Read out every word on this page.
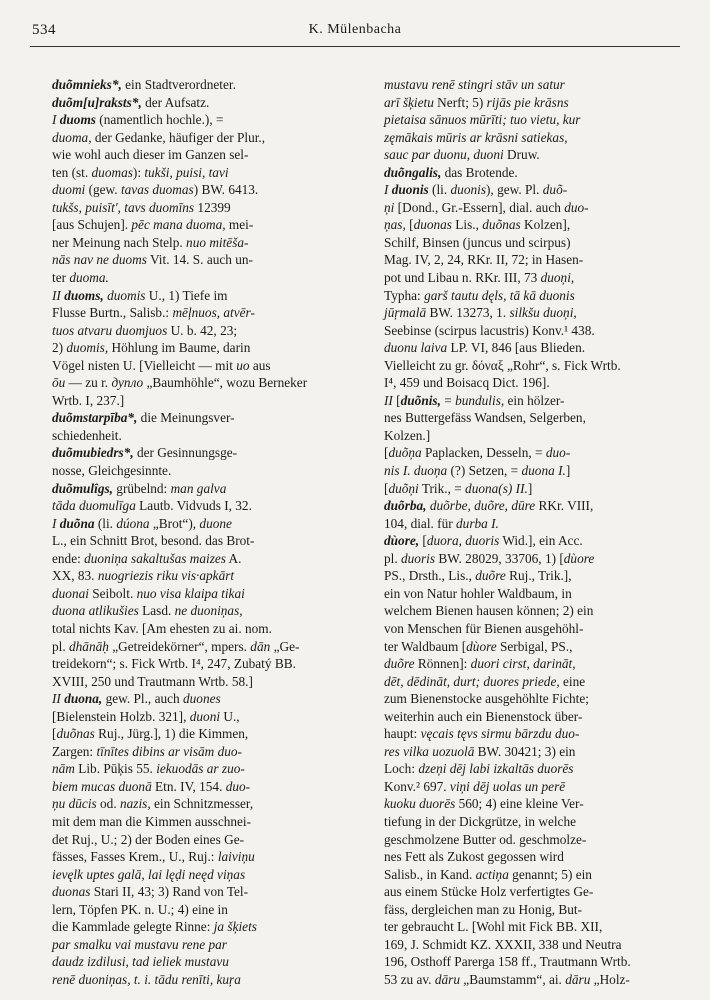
534	K. Mülenbacha
duõmnieks*, ein Stadtverordneter.
duõm[u]raksts*, der Aufsatz.
I duoms (namentlich hochle.), =
duoma, der Gedanke, häufiger der Plur.,
wie wohl auch dieser im Ganzen sel-
ten (st. duomas): tukši, puisi, tavi
duomi (gew. tavas duomas) BW. 6413.
tukšs, puisīt', tavs duomīns 12399
[aus Schujen]. pēc mana duoma, mei-
ner Meinung nach Stelp. nuo mitēša-
nās nav ne duoms Vit. 14. S. auch un-
ter duoma.
II duoms, duomis U., 1) Tiefe im
Flusse Burtn., Salisb.: mēļnuos, atvēr-
tuos atvaru duomjuos U. b. 42, 23;
2) duomis, Höhlung im Baume, darin
Vögel nisten U. [Vielleicht — mit uo aus
ōu — zu r. дупло „Baumhöhle“, wozu Berneker
Wrtb. I, 237.]
duõmstarpība*, die Meinungsver-
schiedenheit.
duõmubiedrs*, der Gesinnungsge-
nosse, Gleichgesinnte.
duõmulîgs, grübelnd: man galva
tāda duomulīga Lautb. Vidvuds I, 32.
I duõna (li. dúona „Brot“), duone
L., ein Schnitt Brot, besond. das Brot-
ende: duoniņa sakaltušas maizes A.
XX, 83. nuogriezis riku vis·apkārt
duonai Seibolt. nuo visa klaipa tikai
duona atlikušies Lasd. ne duoniņas,
total nichts Kav. [Am ehesten zu ai. nom.
pl. dhānāḥ „Getreidekörner“, mpers. dān „Ge-
treidekorn“; s. Fick Wrtb. I⁴, 247, Zubatý BB.
XVIII, 250 und Trautmann Wrtb. 58.]
II duona, gew. Pl., auch duones
[Bielenstein Holzb. 321], duoni U.,
[duõnas Ruj., Jürg.], 1) die Kimmen,
Zargen: tīnītes dibins ar visām duo-
nām Lib. Pūķis 55. iekuodās ar zuo-
biem mucas duonā Etn. IV, 154. duo-
ņu dūcis od. nazis, ein Schnitzmesser,
mit dem man die Kimmen ausschnei-
det Ruj., U.; 2) der Boden eines Ge-
fässes, Fasses Krem., U., Ruj.: laiviņu
ievęlk uptes galā, lai lęḍi neęd viņas
duonas Stari II, 43; 3) Rand von Tel-
lern, Töpfen PK. n. U.; 4) eine in
die Kammlade gelegte Rinne: ja šķiets
par smalku vai mustavu rene par
daudz izdilusi, tad ieliek mustavu
renē duoniņas, t. i. tādu renīti, kuŗa
mustavu renē stingri stāv un satur
arī šķietu Nerft; 5) rijās pie krāsns
pietaisa sānuos mūrīti; tuo vietu, kur
zęmākais mūris ar krāsni satiekas,
sauc par duonu, duoni Druw.
duõngalis, das Brotende.
I duonis (li. duonis), gew. Pl. duõ-
ņi [Dond., Gr.-Essern], dial. auch duo-
ņas, [duonas Lis., duõnas Kolzen],
Schilf, Binsen (juncus und scirpus)
Mag. IV, 2, 24, RKr. II, 72; in Hasen-
pot und Libau n. RKr. III, 73 duoņi,
Typha: garš tautu dęls, tā kā duonis
jūŗmalā BW. 13273, 1. silkšu duoņi,
Seebinse (scirpus lacustris) Konv.¹ 438.
duonu laiva LP. VI, 846 [aus Blieden.
Vielleicht zu gr. δόναξ „Rohr“, s. Fick Wrtb.
I⁴, 459 und Boisacq Dict. 196].
II [duõnis, = bundulis, ein hölzer-
nes Buttergefäss Wandsen, Selgerben,
Kolzen.]
[duõņa Paplacken, Desseln, = duo-
nis I. duoņa (?) Setzen, = duona I.]
[duõņi Trik., = duona(s) II.]
duõrba, duõrbe, duõre, dūre RKr. VIII,
104, dial. für durba I.
dùore, [duora, duoris Wid.], ein Acc.
pl. duoris BW. 28029, 33706, 1) [dùore
PS., Drsth., Lis., duõre Ruj., Trik.],
ein von Natur hohler Waldbaum, in
welchem Bienen hausen können; 2) ein
von Menschen für Bienen ausgehöhl-
ter Waldbaum [dùore Serbigal, PS.,
duõre Rönnen]: duori cirst, darināt,
dēt, dēdināt, durt; duores priede, eine
zum Bienenstocke ausgehöhlte Fichte;
weiterhin auch ein Bienenstock über-
haupt: vęcais tęvs sirmu bārzdu duo-
res vilka uozuolā BW. 30421; 3) ein
Loch: dzeņi dēj labi izkaltās duorēs
Konv.² 697. viņi dēj uolas un perē
kuoku duorēs 560; 4) eine kleine Ver-
tiefung in der Dickgrütze, in welche
geschmolzene Butter od. geschmolze-
nes Fett als Zukost gegossen wird
Salisb., in Kand. actiņa genannt; 5) ein
aus einem Stücke Holz verfertigtes Ge-
fäss, dergleichen man zu Honig, But-
ter gebraucht L. [Wohl mit Fick BB. XII,
169, J. Schmidt KZ. XXXII, 338 und Neutra
196, Osthoff Parerga 158 ff., Trautmann Wrtb.
53 zu av. dāru „Baumstamm“, ai. dāru „Holz-
